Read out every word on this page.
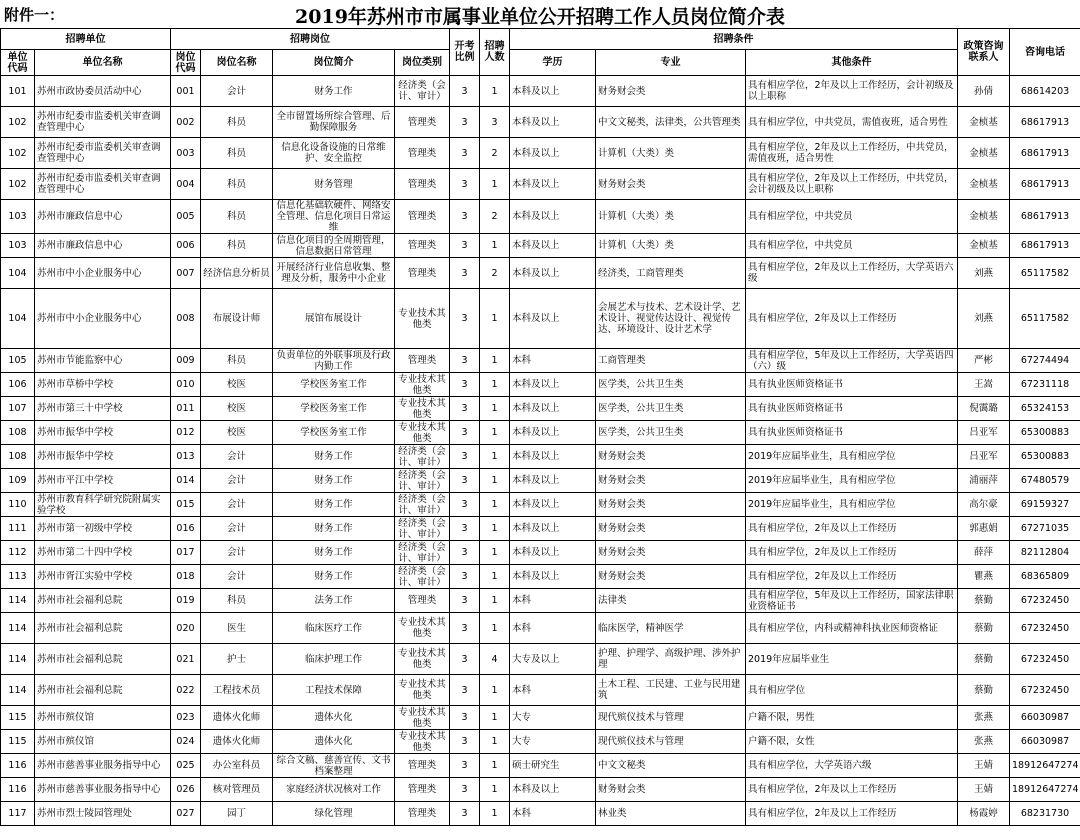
附件一：	2019年苏州市市属事业单位公开招聘工作人员岗位简介表
招聘单位		招聘岗位				开考比例	招聘人数	招聘条件			政策咨询联系人	咨询电话
单位代码	单位名称	岗位代码	岗位名称	岗位简介	岗位类别			学历	专业	其他条件		
101	苏州市政协委员活动中心	001	会计	财务工作	经济类（会计、审计）	3	1	本科及以上	财务财会类	具有相应学位，2年及以上工作经历，会计初级及以上职称	孙倩	68614203
102	苏州市纪委市监委机关审查调查管理中心	002	科员	全市留置场所综合管理、后勤保障服务	管理类	3	3	本科及以上	中文文秘类，法律类，公共管理类	具有相应学位，中共党员，需值夜班，适合男性	金桢基	68617913
102	苏州市纪委市监委机关审查调查管理中心	003	科员	信息化设备设施的日常维护、安全监控	管理类	3	2	本科及以上	计算机（大类）类	具有相应学位，2年及以上工作经历，中共党员，需值夜班，适合男性	金桢基	68617913
102	苏州市纪委市监委机关审查调查管理中心	004	科员	财务管理	管理类	3	1	本科及以上	财务财会类	具有相应学位，2年及以上工作经历，中共党员，会计初级及以上职称	金桢基	68617913
103	苏州市廉政信息中心	005	科员	信息化基础软硬件、网络安全管理、信息化项目日常运维	管理类	3	2	本科及以上	计算机（大类）类	具有相应学位，中共党员	金桢基	68617913
103	苏州市廉政信息中心	006	科员	信息化项目的全周期管理，信息数据日常管理	管理类	3	1	本科及以上	计算机（大类）类	具有相应学位，中共党员	金桢基	68617913
104	苏州市中小企业服务中心	007	经济信息分析员	开展经济行业信息收集、整理及分析，服务中小企业	管理类	3	2	本科及以上	经济类，工商管理类	具有相应学位，2年及以上工作经历，大学英语六级	刘燕	65117582
104	苏州市中小企业服务中心	008	布展设计师	展馆布展设计	专业技术其他类	3	1	本科及以上	会展艺术与技术、艺术设计学、艺术设计、视觉传达设计、视觉传达、环境设计、设计艺术学	具有相应学位，2年及以上工作经历	刘燕	65117582
105	苏州市节能监察中心	009	科员	负责单位的外联事项及行政内勤工作	管理类	3	1	本科	工商管理类	具有相应学位，5年及以上工作经历，大学英语四（六）级	严彬	67274494
106	苏州市草桥中学校	010	校医	学校医务室工作	专业技术其他类	3	1	本科及以上	医学类，公共卫生类	具有执业医师资格证书	王嵩	67231118
107	苏州市第三十中学校	011	校医	学校医务室工作	专业技术其他类	3	1	本科及以上	医学类，公共卫生类	具有执业医师资格证书	倪霭璐	65324153
108	苏州市振华中学校	012	校医	学校医务室工作	专业技术其他类	3	1	本科及以上	医学类，公共卫生类	具有执业医师资格证书	吕亚军	65300883
108	苏州市振华中学校	013	会计	财务工作	经济类（会计、审计）	3	1	本科及以上	财务财会类	2019年应届毕业生，具有相应学位	吕亚军	65300883
109	苏州市平江中学校	014	会计	财务工作	经济类（会计、审计）	3	1	本科及以上	财务财会类	2019年应届毕业生，具有相应学位	浦丽萍	67480579
110	苏州市教育科学研究院附属实验学校	015	会计	财务工作	经济类（会计、审计）	3	1	本科及以上	财务财会类	2019年应届毕业生，具有相应学位	高尔豪	69159327
111	苏州市第一初级中学校	016	会计	财务工作	经济类（会计、审计）	3	1	本科及以上	财务财会类	具有相应学位，2年及以上工作经历	郭惠娟	67271035
112	苏州市第二十四中学校	017	会计	财务工作	经济类（会计、审计）	3	1	本科及以上	财务财会类	具有相应学位，2年及以上工作经历	薛萍	82112804
113	苏州市胥江实验中学校	018	会计	财务工作	经济类（会计、审计）	3	1	本科及以上	财务财会类	具有相应学位，2年及以上工作经历	瞿燕	68365809
114	苏州市社会福利总院	019	科员	法务工作	管理类	3	1	本科	法律类	具有相应学位，5年及以上工作经历，国家法律职业资格证书	蔡勤	67232450
114	苏州市社会福利总院	020	医生	临床医疗工作	专业技术其他类	3	1	本科	临床医学，精神医学	具有相应学位，内科或精神科执业医师资格证	蔡勤	67232450
114	苏州市社会福利总院	021	护士	临床护理工作	专业技术其他类	3	4	大专及以上	护理、护理学、高级护理、涉外护理	2019年应届毕业生	蔡勤	67232450
114	苏州市社会福利总院	022	工程技术员	工程技术保障	专业技术其他类	3	1	本科	土木工程、工民建、工业与民用建筑	具有相应学位	蔡勤	67232450
115	苏州市殡仪馆	023	遗体火化师	遗体火化	专业技术其他类	3	1	大专	现代殡仪技术与管理	户籍不限，男性	张燕	66030987
115	苏州市殡仪馆	024	遗体火化师	遗体火化	专业技术其他类	3	1	大专	现代殡仪技术与管理	户籍不限，女性	张燕	66030987
116	苏州市慈善事业服务指导中心	025	办公室科员	综合文稿、慈善宣传、文书档案整理	管理类	3	1	硕士研究生	中文文秘类	具有相应学位，大学英语六级	王婧	18912647274
116	苏州市慈善事业服务指导中心	026	核对管理员	家庭经济状况核对工作	管理类	3	1	本科及以上	财务财会类	具有相应学位，2年及以上工作经历	王婧	18912647274
117	苏州市烈士陵园管理处	027	园丁	绿化管理	管理类	3	1	本科	林业类	具有相应学位，2年及以上工作经历	杨霞婷	68231730
